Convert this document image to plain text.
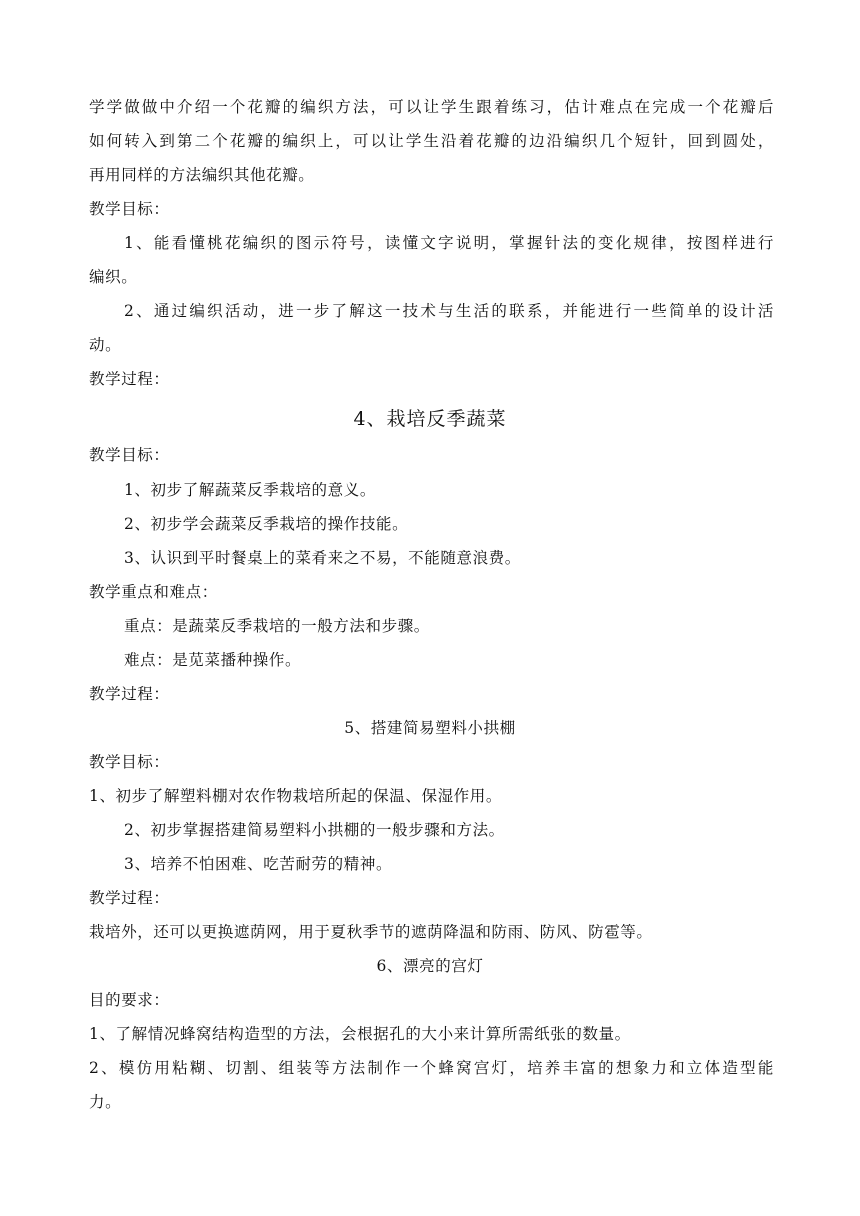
学学做做中介绍一个花瓣的编织方法，可以让学生跟着练习，估计难点在完成一个花瓣后
如何转入到第二个花瓣的编织上，可以让学生沿着花瓣的边沿编织几个短针，回到圆处，
再用同样的方法编织其他花瓣。
教学目标：
1、能看懂桃花编织的图示符号，读懂文字说明，掌握针法的变化规律，按图样进行
编织。
2、通过编织活动，进一步了解这一技术与生活的联系，并能进行一些简单的设计活
动。
教学过程：
4、栽培反季蔬菜
教学目标：
1、初步了解蔬菜反季栽培的意义。
2、初步学会蔬菜反季栽培的操作技能。
3、认识到平时餐桌上的菜肴来之不易，不能随意浪费。
教学重点和难点：
重点：是蔬菜反季栽培的一般方法和步骤。
难点：是苋菜播种操作。
教学过程：
5、搭建简易塑料小拱棚
教学目标：
1、初步了解塑料棚对农作物栽培所起的保温、保湿作用。
2、初步掌握搭建简易塑料小拱棚的一般步骤和方法。
3、培养不怕困难、吃苦耐劳的精神。
教学过程：
栽培外，还可以更换遮荫网，用于夏秋季节的遮荫降温和防雨、防风、防雹等。
6、漂亮的宫灯
目的要求：
1、了解情况蜂窝结构造型的方法，会根据孔的大小来计算所需纸张的数量。
2、模仿用粘糊、切割、组装等方法制作一个蜂窝宫灯，培养丰富的想象力和立体造型能
力。
